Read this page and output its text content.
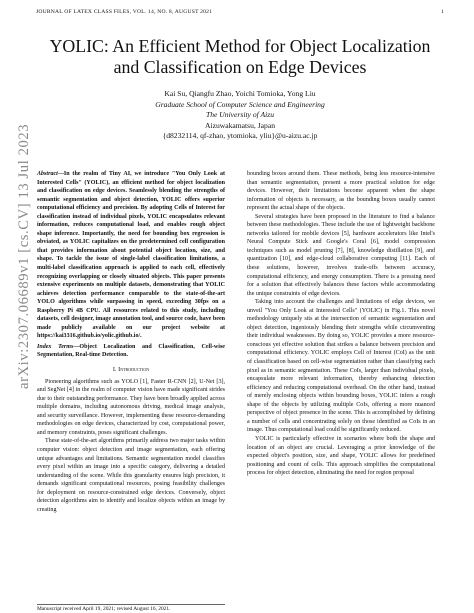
JOURNAL OF LATEX CLASS FILES, VOL. 14, NO. 8, AUGUST 2021	1
YOLIC: An Efficient Method for Object Localization and Classification on Edge Devices
Kai Su, Qiangfu Zhao, Yoichi Tomioka, Yong Liu
Graduate School of Computer Science and Engineering
The University of Aizu
Aizuwakamatsu, Japan
{d8232114, qf-zhao, ytomioka, yliu}@u-aizu.ac.jp
arXiv:2307.06689v1 [cs.CV] 13 Jul 2023 Abstract—In the realm of Tiny AI, we introduce "You Only Look at Interested Cells" (YOLIC), an efficient method for object localization and classification on edge devices. Seamlessly blending the strengths of semantic segmentation and object detection, YOLIC offers superior computational efficiency and precision. By adopting Cells of Interest for classification instead of individual pixels, YOLIC encapsulates relevant information, reduces computational load, and enables rough object shape inference. Importantly, the need for bounding box regression is obviated, as YOLIC capitalizes on the predetermined cell configuration that provides information about potential object location, size, and shape. To tackle the issue of single-label classification limitations, a multi-label classification approach is applied to each cell, effectively recognizing overlapping or closely situated objects. This paper presents extensive experiments on multiple datasets, demonstrating that YOLIC achieves detection performance comparable to the state-of-the-art YOLO algorithms while surpassing in speed, exceeding 30fps on a Raspberry Pi 4B CPU. All resources related to this study, including datasets, cell designer, image annotation tool, and source code, have been made publicly available on our project website at https://kai3316.github.io/yolic.github.io/.
Index Terms—Object Localization and Classification, Cell-wise Segmentation, Real-time Detection.
I. Introduction

Pioneering algorithms such as YOLO [1], Faster R-CNN [2], U-Net [3], and SegNet [4] in the realm of computer vision have made significant strides due to their outstanding performance. They have been broadly applied across multiple domains, including autonomous driving, medical image analysis, and security surveillance. However, implementing these resource-demanding methodologies on edge devices, characterized by cost, computational power, and memory constraints, poses significant challenges.

These state-of-the-art algorithms primarily address two major tasks within computer vision: object detection and image segmentation, each offering unique advantages and limitations. Semantic segmentation model classifies every pixel within an image into a specific category, delivering a detailed understanding of the scene. While this granularity ensures high precision, it demands significant computational resources, posing feasibility challenges for deployment on resource-constrained edge devices. Conversely, object detection algorithms aim to identify and localize objects within an image by creating

bounding boxes around them. These methods, being less resource-intensive than semantic segmentation, present a more practical solution for edge devices. However, their limitations become apparent when the shape information of objects is necessary, as the bounding boxes usually cannot represent the actual shape of the objects.

Several strategies have been proposed in the literature to find a balance between these methodologies. These include the use of lightweight backbone networks tailored for mobile devices [5], hardware accelerators like Intel's Neural Compute Stick and Google's Coral [6], model compression techniques such as model pruning [7], [8], knowledge distillation [9], and quantization [10], and edge-cloud collaborative computing [11]. Each of these solutions, however, involves trade-offs between accuracy, computational efficiency, and energy consumption. There is a pressing need for a solution that effectively balances these factors while accommodating the unique constraints of edge devices.

Taking into account the challenges and limitations of edge devices, we unveil "You Only Look at Interested Cells" (YOLIC) in Fig.1. This novel methodology uniquely sits at the intersection of semantic segmentation and object detection, ingeniously blending their strengths while circumventing their individual weaknesses. By doing so, YOLIC provides a more resource-conscious yet effective solution that strikes a balance between precision and computational efficiency. YOLIC employs Cell of Interest (CoI) as the unit of classification based on cell-wise segmentation rather than classifying each pixel as in semantic segmentation. These CoIs, larger than individual pixels, encapsulate more relevant information, thereby enhancing detection efficiency and reducing computational overhead. On the other hand, instead of merely enclosing objects within bounding boxes, YOLIC infers a rough shape of the objects by utilizing multiple CoIs, offering a more nuanced perspective of object presence in the scene. This is accomplished by defining a number of cells and concentrating solely on those identified as CoIs in an image. Thus computational load could be significantly reduced.

YOLIC is particularly effective in scenarios where both the shape and location of an object are crucial. Leveraging a prior knowledge of the expected object's position, size, and shape, YOLIC allows for predefined positioning and count of cells. This approach simplifies the computational process for object detection, eliminating the need for region proposal

Manuscript received April 19, 2021; revised August 16, 2021.
